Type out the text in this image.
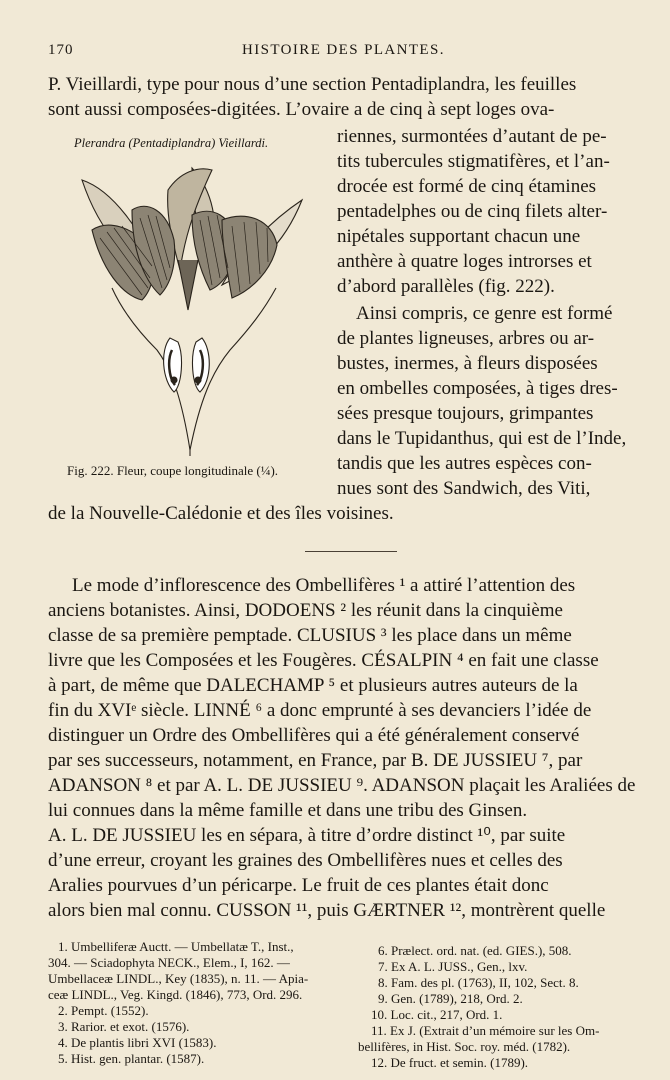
170	HISTOIRE DES PLANTES.
P. Vieillardi, type pour nous d’une section Pentadiplandra, les feuilles
sont aussi composées-digitées. L’ovaire a de cinq à sept loges ova-
riennes, surmontées d’autant de pe-
tits tubercules stigmatifères, et l’an-
drocée est formé de cinq étamines
pentadelphes ou de cinq filets alter-
nipétales supportant chacun une
anthère à quatre loges introrses et
d’abord parallèles (fig. 222).
Ainsi compris, ce genre est formé
de plantes ligneuses, arbres ou ar-
bustes, inermes, à fleurs disposées
en ombelles composées, à tiges dres-
sées presque toujours, grimpantes
dans le Tupidanthus, qui est de l’Inde,
tandis que les autres espèces con-
nues sont des Sandwich, des Viti,
de la Nouvelle-Calédonie et des îles voisines.
Plerandra (Pentadiplandra) Vieillardi.
Fig. 222. Fleur, coupe longitudinale (¼).
Le mode d’inflorescence des Ombellifères ¹ a attiré l’attention des
anciens botanistes. Ainsi, DODOENS ² les réunit dans la cinquième
classe de sa première pemptade. CLUSIUS ³ les place dans un même
livre que les Composées et les Fougères. CÉSALPIN ⁴ en fait une classe
à part, de même que DALECHAMP ⁵ et plusieurs autres auteurs de la
fin du XVIᵉ siècle. LINNÉ ⁶ a donc emprunté à ses devanciers l’idée de
distinguer un Ordre des Ombellifères qui a été généralement conservé
par ses successeurs, notamment, en France, par B. DE JUSSIEU ⁷, par
ADANSON ⁸ et par A. L. DE JUSSIEU ⁹. ADANSON plaçait les Araliées de
lui connues dans la même famille et dans une tribu des Ginsen.
A. L. DE JUSSIEU les en sépara, à titre d’ordre distinct ¹⁰, par suite
d’une erreur, croyant les graines des Ombellifères nues et celles des
Aralies pourvues d’un péricarpe. Le fruit de ces plantes était donc
alors bien mal connu. CUSSON ¹¹, puis GÆRTNER ¹², montrèrent quelle
1. Umbelliferæ Auctt. — Umbellatæ T., Inst.,
304. — Sciadophyta NECK., Elem., I, 162. —
Umbellaceæ LINDL., Key (1835), n. 11. — Apia-
ceæ LINDL., Veg. Kingd. (1846), 773, Ord. 296.
2. Pempt. (1552).
3. Rarior. et exot. (1576).
4. De plantis libri XVI (1583).
5. Hist. gen. plantar. (1587).
6. Prælect. ord. nat. (ed. GIES.), 508.
7. Ex A. L. JUSS., Gen., lxv.
8. Fam. des pl. (1763), II, 102, Sect. 8.
9. Gen. (1789), 218, Ord. 2.
10. Loc. cit., 217, Ord. 1.
11. Ex J. (Extrait d’un mémoire sur les Om-
bellifères, in Hist. Soc. roy. méd. (1782).
12. De fruct. et semin. (1789).
